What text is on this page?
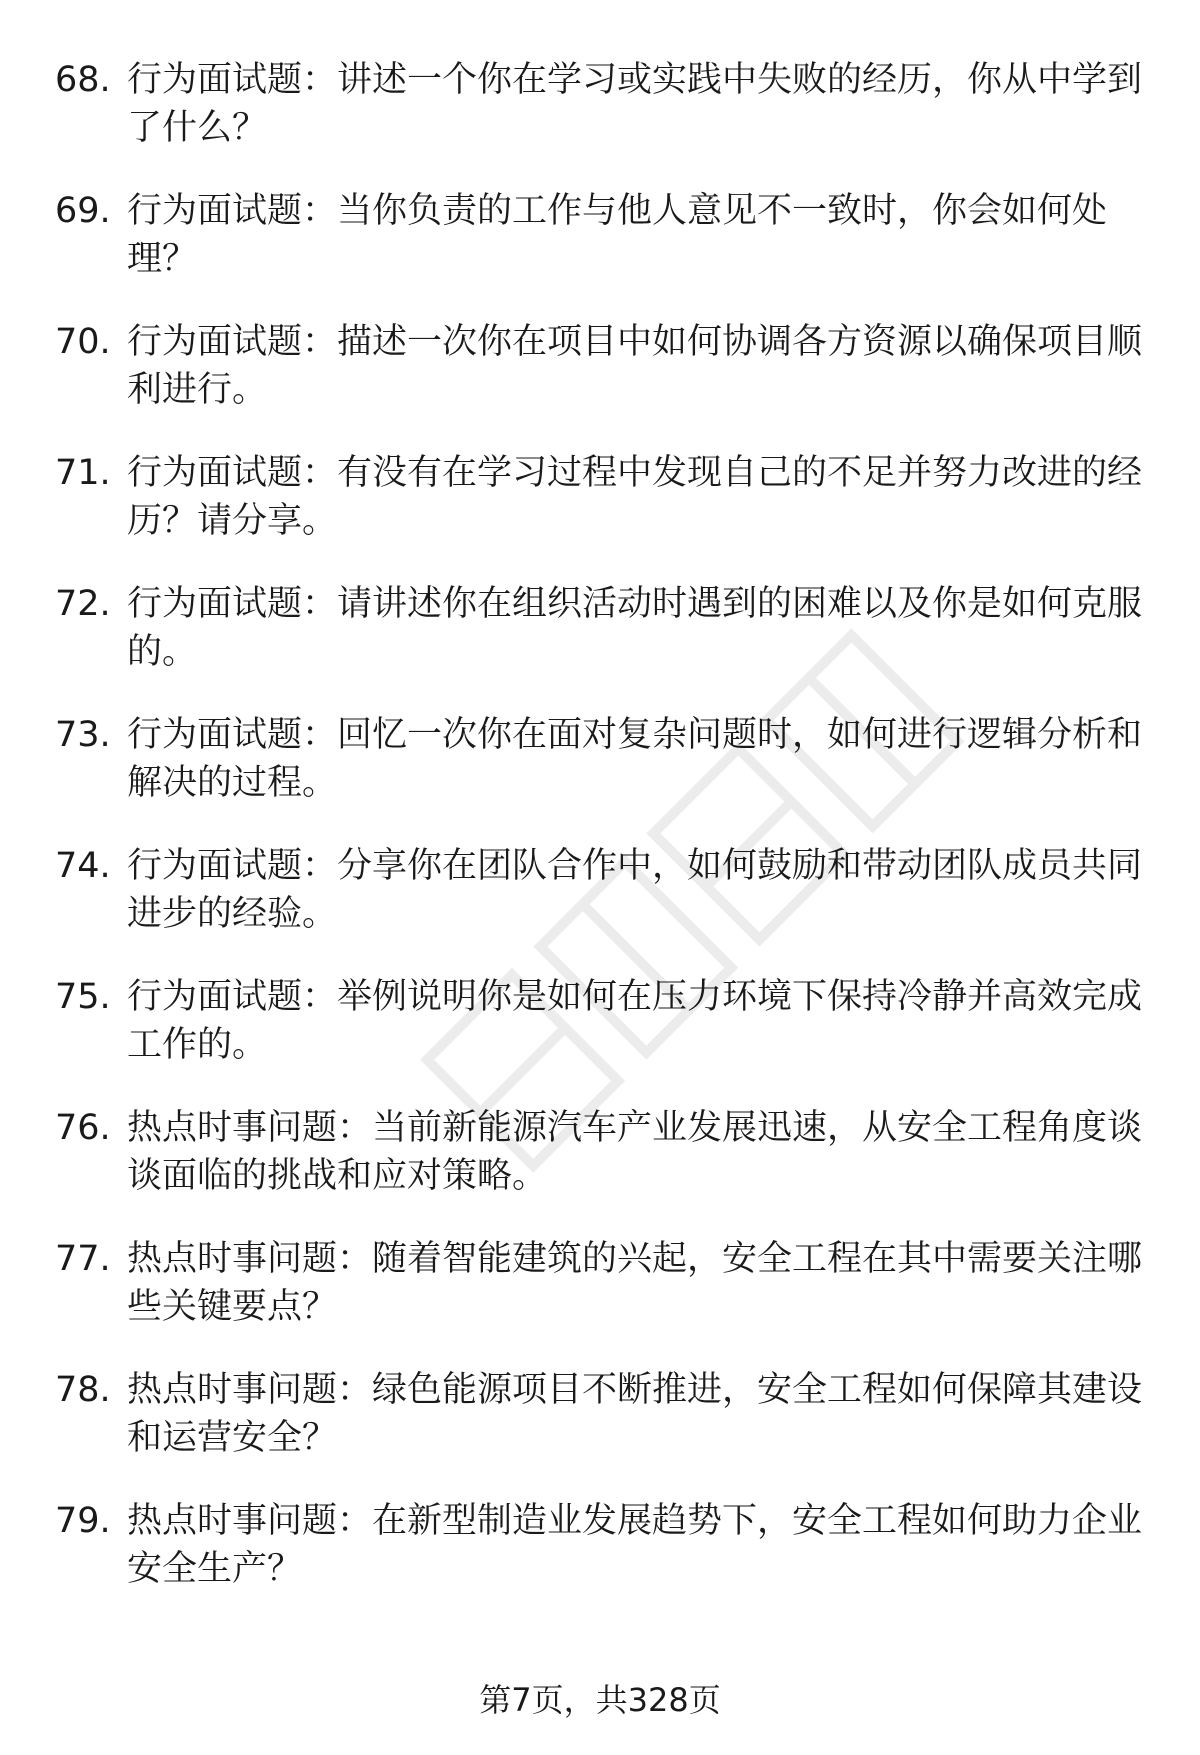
68. 行为面试题：讲述一个你在学习或实践中失败的经历，你从中学到了什么？
69. 行为面试题：当你负责的工作与他人意见不一致时，你会如何处理？
70. 行为面试题：描述一次你在项目中如何协调各方资源以确保项目顺利进行。
71. 行为面试题：有没有在学习过程中发现自己的不足并努力改进的经历？请分享。
72. 行为面试题：请讲述你在组织活动时遇到的困难以及你是如何克服的。
73. 行为面试题：回忆一次你在面对复杂问题时，如何进行逻辑分析和解决的过程。
74. 行为面试题：分享你在团队合作中，如何鼓励和带动团队成员共同进步的经验。
75. 行为面试题：举例说明你是如何在压力环境下保持冷静并高效完成工作的。
76. 热点时事问题：当前新能源汽车产业发展迅速，从安全工程角度谈谈面临的挑战和应对策略。
77. 热点时事问题：随着智能建筑的兴起，安全工程在其中需要关注哪些关键要点？
78. 热点时事问题：绿色能源项目不断推进，安全工程如何保障其建设和运营安全？
79. 热点时事问题：在新型制造业发展趋势下，安全工程如何助力企业安全生产？
第7页，共328页
